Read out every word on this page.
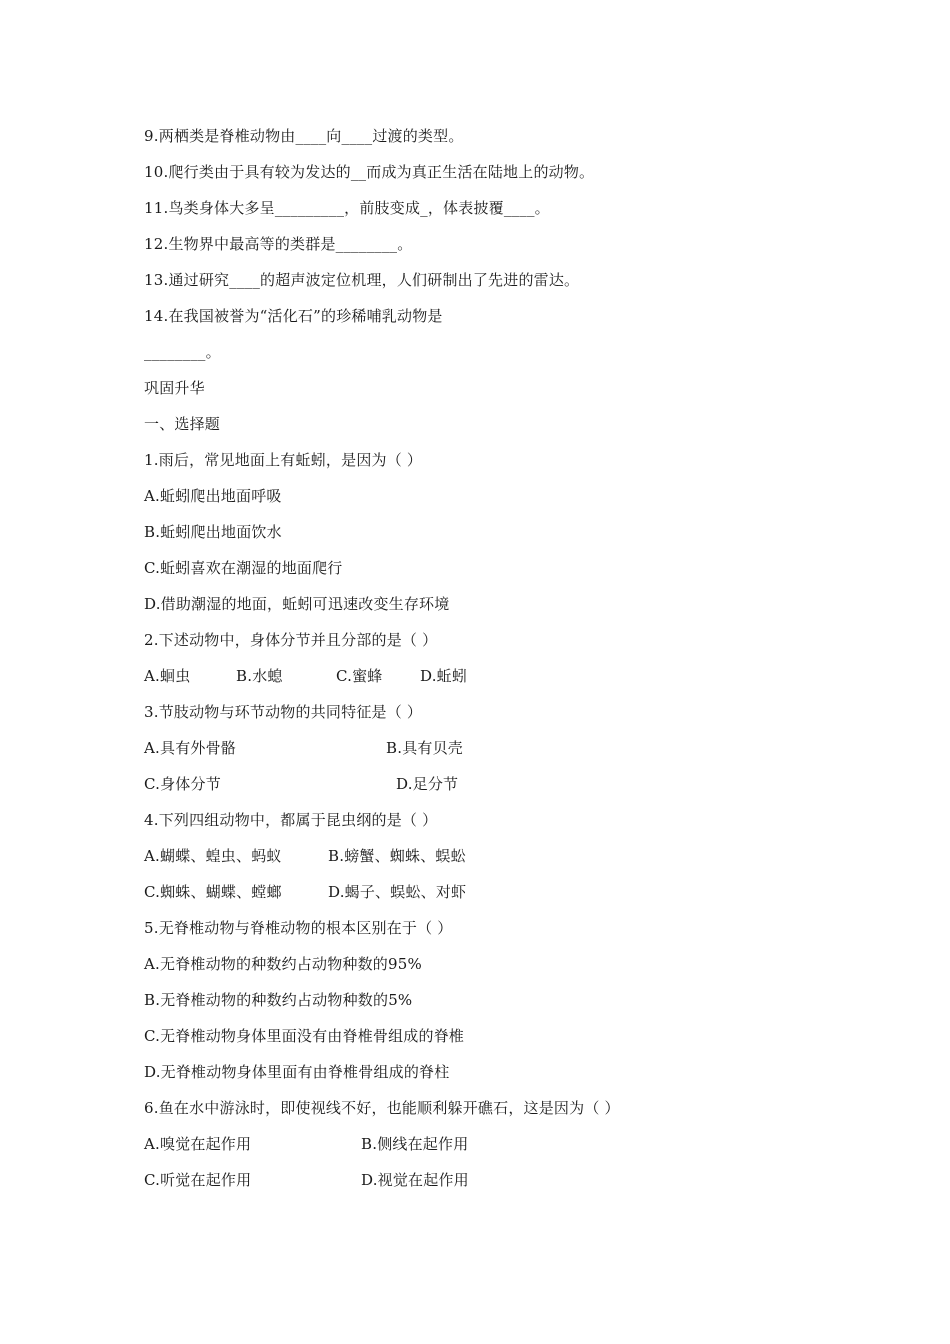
9.两栖类是脊椎动物由____向____过渡的类型。
10.爬行类由于具有较为发达的__而成为真正生活在陆地上的动物。
11.鸟类身体大多呈_________，前肢变成_，体表披覆____。
12.生物界中最高等的类群是________。
13.通过研究____的超声波定位机理，人们研制出了先进的雷达。
14.在我国被誉为“活化石”的珍稀哺乳动物是
________。
巩固升华
一、选择题
1.雨后，常见地面上有蚯蚓，是因为（ ）
A.蚯蚓爬出地面呼吸
B.蚯蚓爬出地面饮水
C.蚯蚓喜欢在潮湿的地面爬行
D.借助潮湿的地面，蚯蚓可迅速改变生存环境
2.下述动物中，身体分节并且分部的是（ ）
A.蛔虫	B.水螅	C.蜜蜂 D.蚯蚓
3.节肢动物与环节动物的共同特征是（ ）
A.具有外骨骼	B.具有贝壳
C.身体分节	D.足分节
4.下列四组动物中，都属于昆虫纲的是（ ）
A.蝴蝶、蝗虫、蚂蚁	B.螃蟹、蜘蛛、蜈蚣
C.蜘蛛、蝴蝶、螳螂	D.蝎子、蜈蚣、对虾
5.无脊椎动物与脊椎动物的根本区别在于（ ）
A.无脊椎动物的种数约占动物种数的95%
B.无脊椎动物的种数约占动物种数的5%
C.无脊椎动物身体里面没有由脊椎骨组成的脊椎
D.无脊椎动物身体里面有由脊椎骨组成的脊柱
6.鱼在水中游泳时，即使视线不好，也能顺利躲开礁石，这是因为（ ）
A.嗅觉在起作用	B.侧线在起作用
C.听觉在起作用	D.视觉在起作用
